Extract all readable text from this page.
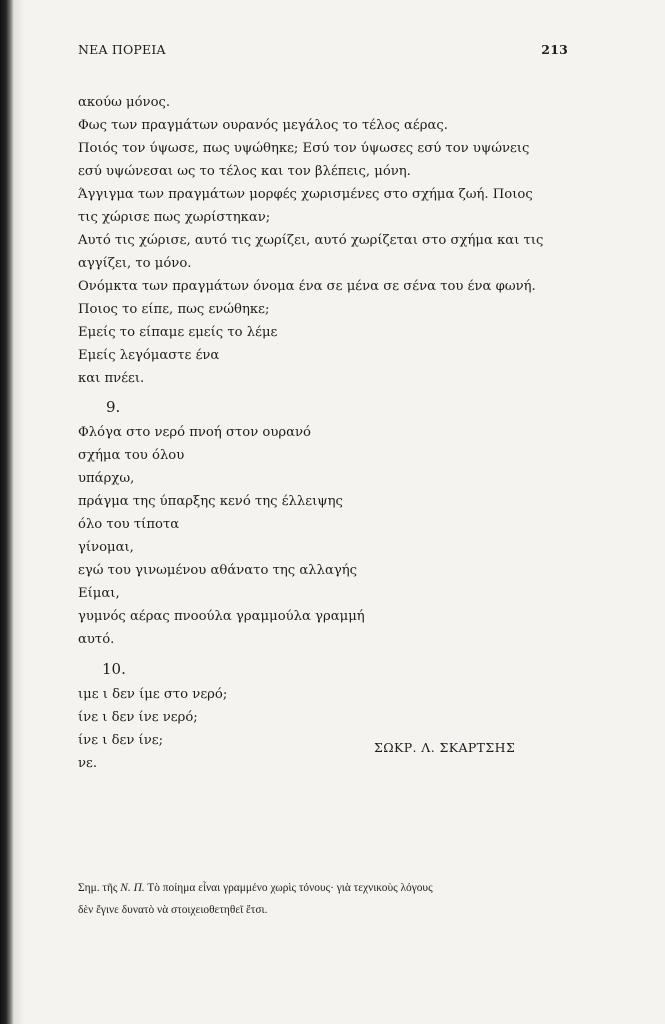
ΝΕΑ ΠΟΡΕΙΑ	213
ακούω μόνος.
Φως των πραγμάτων ουρανός μεγάλος το τέλος αέρας.
Ποιός τον ύψωσε, πως υψώθηκε; Εσύ τον ύψωσες εσύ τον υψώνεις
εσύ υψώνεσαι ως το τέλος και τον βλέπεις, μόνη.
Άγγιγμα των πραγμάτων μορφές χωρισμένες στο σχήμα ζωή. Ποιος
τις χώρισε πως χωρίστηκαν;
Αυτό τις χώρισε, αυτό τις χωρίζει, αυτό χωρίζεται στο σχήμα και τις
αγγίζει, το μόνο.
Ονόμκτα των πραγμάτων όνομα ένα σε μένα σε σένα του ένα φωνή.
Ποιος το είπε, πως ενώθηκε;
Εμείς το είπαμε εμείς το λέμε
Εμείς λεγόμαστε ένα
και πνέει.
9.
Φλόγα στο νερό πνοή στον ουρανό
σχήμα του όλου
υπάρχω,
πράγμα της ύπαρξης κενό της έλλειψης
όλο του τίποτα
γίνομαι,
εγώ του γινωμένου αθάνατο της αλλαγής
Είμαι,
γυμνός αέρας πνοούλα γραμμούλα γραμμή
αυτό.
10.
ιμε ι δεν ίμε στο νερό;
ίνε ι δεν ίνε νερό;
ίνε ι δεν ίνε;
νε.
ΣΩΚΡ. Λ. ΣΚΑΡΤΣΗΣ
Σημ. τῆς Ν. Π. Τὸ ποίημα εἶναι γραμμένο χωρὶς τόνους· γιὰ τεχνικοὺς λόγους
δὲν ἔγινε δυνατὸ νὰ στοιχειοθετηθεῖ ἔτσι.
